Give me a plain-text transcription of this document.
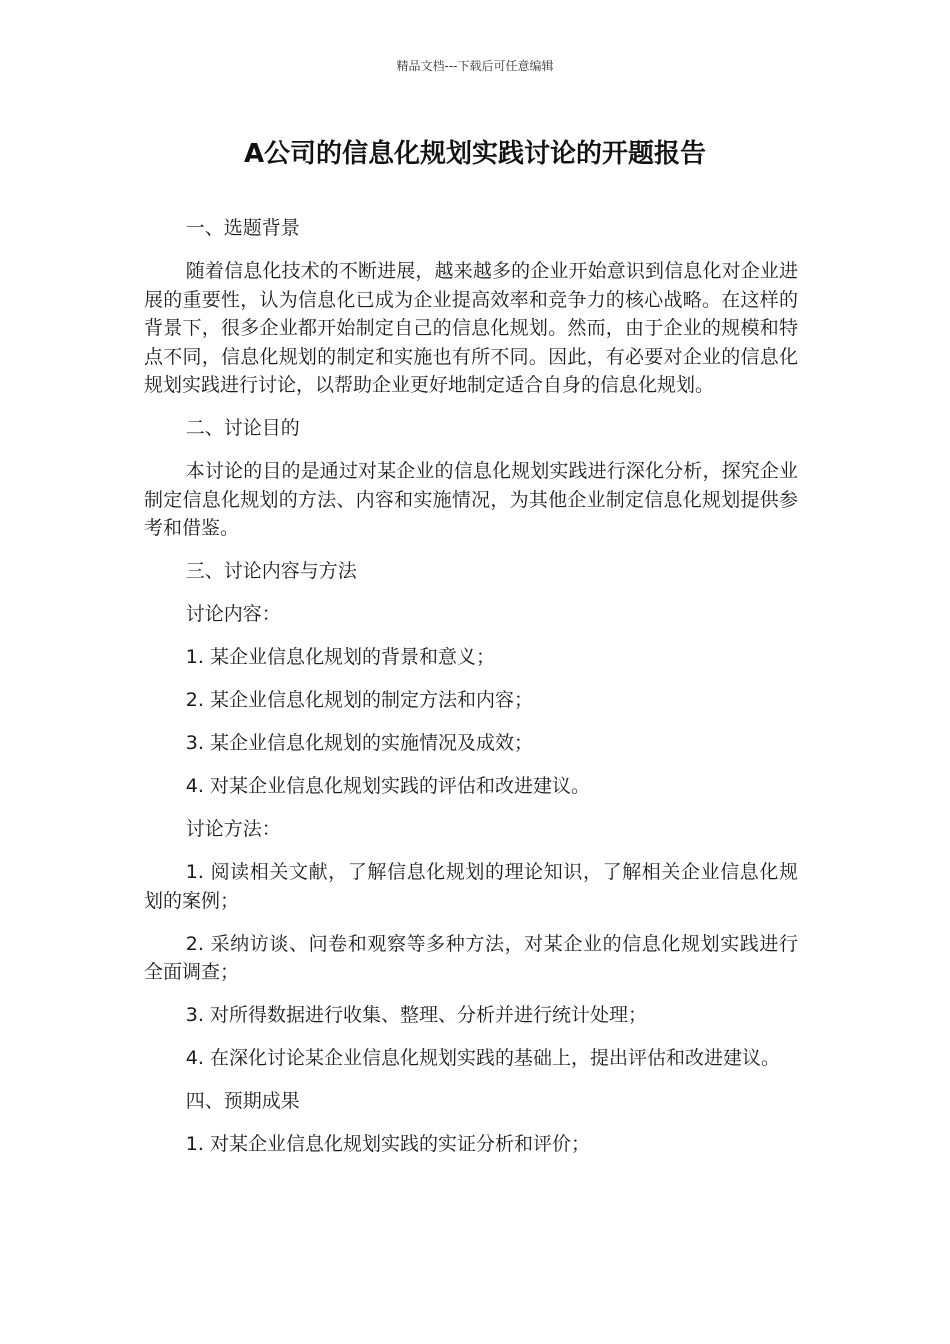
精品文档---下载后可任意编辑
A公司的信息化规划实践讨论的开题报告

一、选题背景

随着信息化技术的不断进展，越来越多的企业开始意识到信息化对企业进展的重要性，认为信息化已成为企业提高效率和竞争力的核心战略。在这样的背景下，很多企业都开始制定自己的信息化规划。然而，由于企业的规模和特点不同，信息化规划的制定和实施也有所不同。因此，有必要对企业的信息化规划实践进行讨论，以帮助企业更好地制定适合自身的信息化规划。

二、讨论目的

本讨论的目的是通过对某企业的信息化规划实践进行深化分析，探究企业制定信息化规划的方法、内容和实施情况，为其他企业制定信息化规划提供参考和借鉴。

三、讨论内容与方法

讨论内容：

1. 某企业信息化规划的背景和意义；

2. 某企业信息化规划的制定方法和内容；

3. 某企业信息化规划的实施情况及成效；

4. 对某企业信息化规划实践的评估和改进建议。

讨论方法：

1. 阅读相关文献，了解信息化规划的理论知识，了解相关企业信息化规划的案例；

2. 采纳访谈、问卷和观察等多种方法，对某企业的信息化规划实践进行全面调查；

3. 对所得数据进行收集、整理、分析并进行统计处理；

4. 在深化讨论某企业信息化规划实践的基础上，提出评估和改进建议。

四、预期成果

1. 对某企业信息化规划实践的实证分析和评价；
